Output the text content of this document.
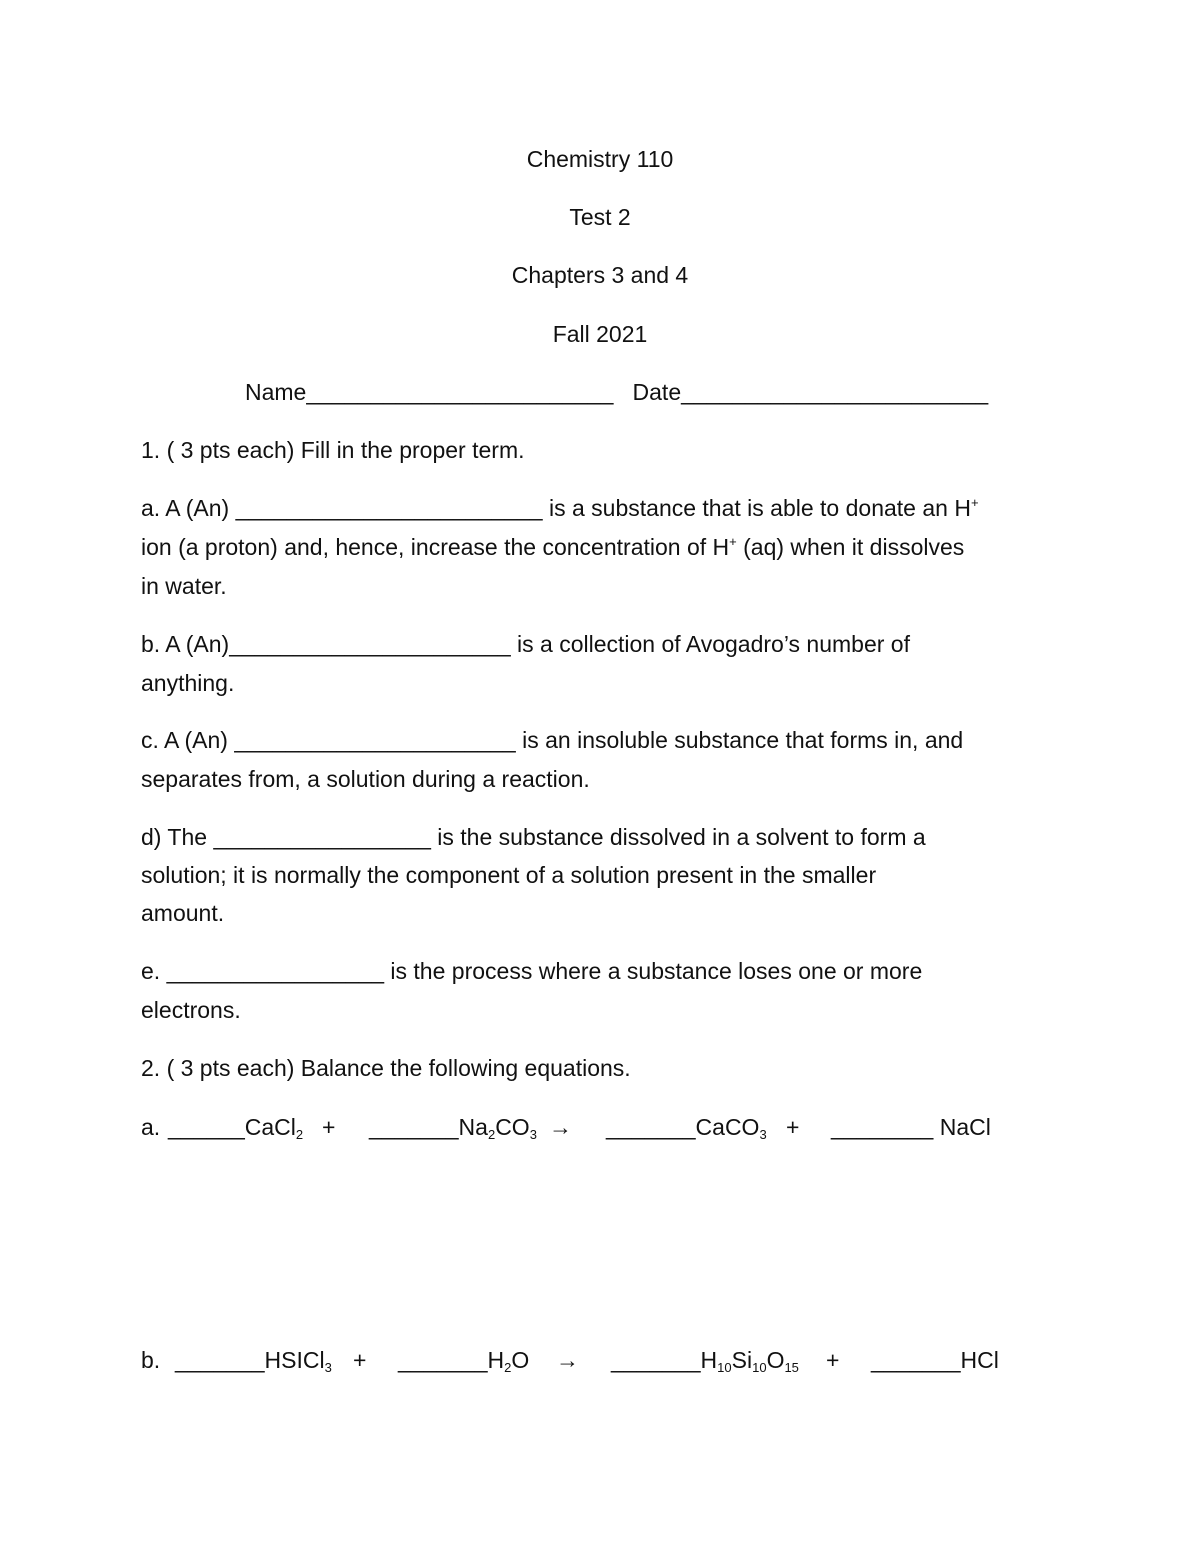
Chemistry 110
Test 2
Chapters 3 and 4
Fall 2021
Name________________________ Date________________________
1. ( 3 pts each) Fill in the proper term.
a. A (An) ________________________ is a substance that is able to donate an H+
ion (a proton) and, hence, increase the concentration of H+ (aq) when it dissolves
in water.
b. A (An)______________________ is a collection of Avogadro’s number of
anything.
c. A (An) ______________________ is an insoluble substance that forms in, and
separates from, a solution during a reaction.
d) The _________________ is the substance dissolved in a solvent to form a
solution; it is normally the component of a solution present in the smaller
amount.
e. _________________ is the process where a substance loses one or more
electrons.
2. ( 3 pts each) Balance the following equations.
a. ______CaCl$_2$ + $\_\_\_\_\_\_\_Na_2CO_3$ → _______CaCO$_3$ + ________ NaCl
b. _______HSICl$_3$ + $\_\_\_\_\_\_\_H_2O$ → $\_\_\_\_\_\_\_H_{10}Si_{10}O_{15}$ + _______HCl
